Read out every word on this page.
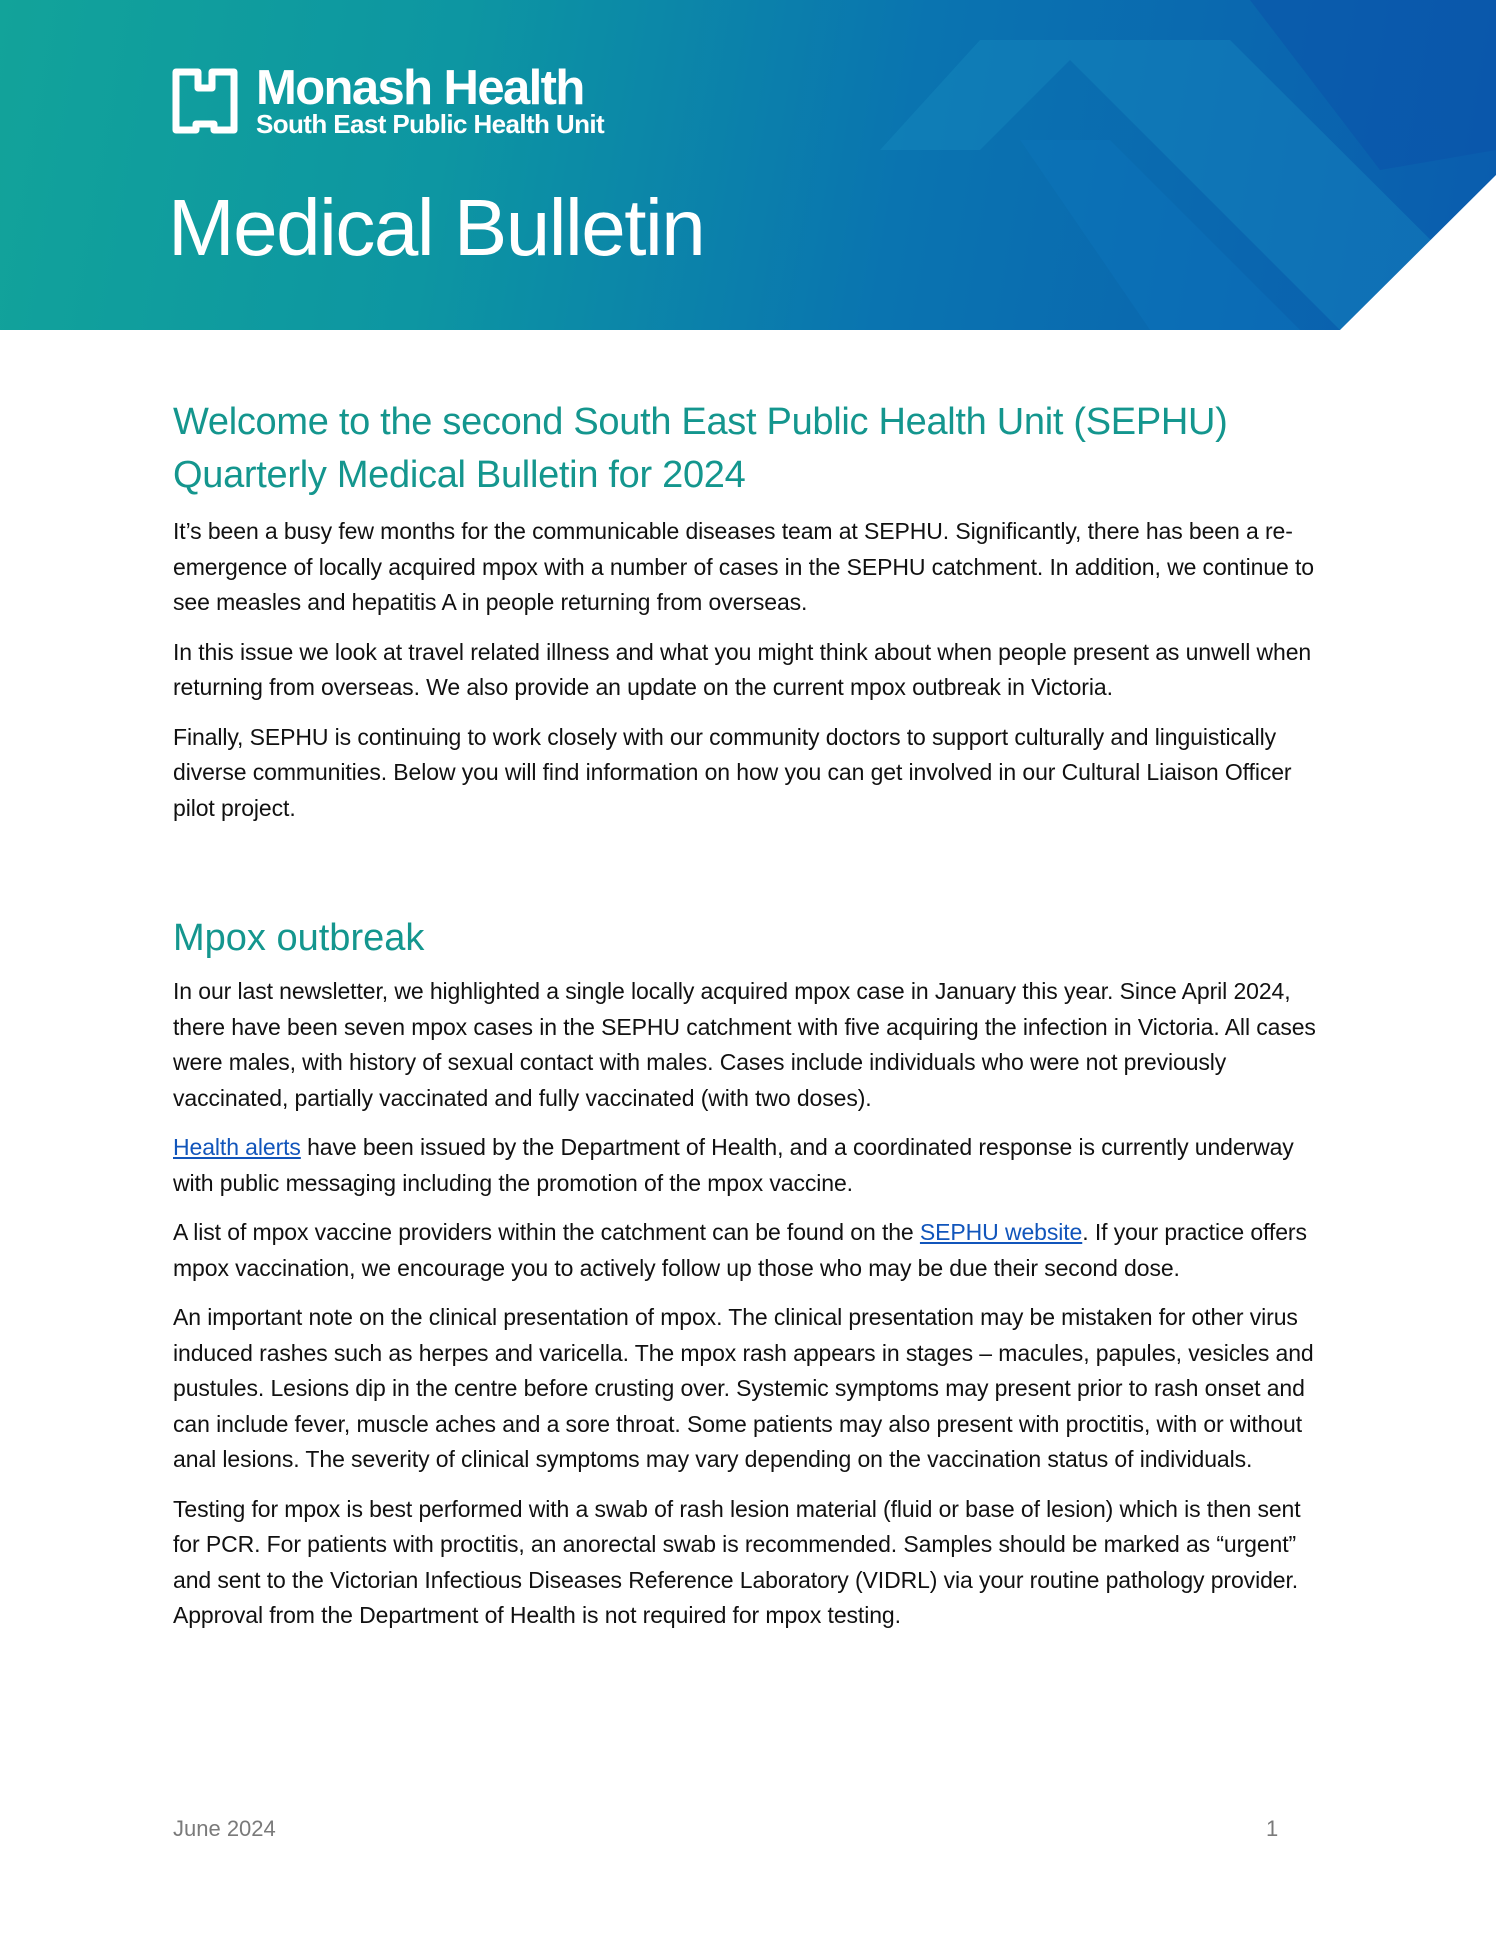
Monash Health
South East Public Health Unit
Medical Bulletin
Welcome to the second South East Public Health Unit (SEPHU) Quarterly Medical Bulletin for 2024

It’s been a busy few months for the communicable diseases team at SEPHU. Significantly, there has been a re-emergence of locally acquired mpox with a number of cases in the SEPHU catchment. In addition, we continue to see measles and hepatitis A in people returning from overseas.

In this issue we look at travel related illness and what you might think about when people present as unwell when returning from overseas. We also provide an update on the current mpox outbreak in Victoria.

Finally, SEPHU is continuing to work closely with our community doctors to support culturally and linguistically diverse communities. Below you will find information on how you can get involved in our Cultural Liaison Officer pilot project.

Mpox outbreak

In our last newsletter, we highlighted a single locally acquired mpox case in January this year. Since April 2024, there have been seven mpox cases in the SEPHU catchment with five acquiring the infection in Victoria. All cases were males, with history of sexual contact with males. Cases include individuals who were not previously vaccinated, partially vaccinated and fully vaccinated (with two doses).

Health alerts have been issued by the Department of Health, and a coordinated response is currently underway with public messaging including the promotion of the mpox vaccine.

A list of mpox vaccine providers within the catchment can be found on the SEPHU website. If your practice offers mpox vaccination, we encourage you to actively follow up those who may be due their second dose.

An important note on the clinical presentation of mpox. The clinical presentation may be mistaken for other virus induced rashes such as herpes and varicella. The mpox rash appears in stages – macules, papules, vesicles and pustules. Lesions dip in the centre before crusting over. Systemic symptoms may present prior to rash onset and can include fever, muscle aches and a sore throat. Some patients may also present with proctitis, with or without anal lesions. The severity of clinical symptoms may vary depending on the vaccination status of individuals.

Testing for mpox is best performed with a swab of rash lesion material (fluid or base of lesion) which is then sent for PCR. For patients with proctitis, an anorectal swab is recommended. Samples should be marked as “urgent” and sent to the Victorian Infectious Diseases Reference Laboratory (VIDRL) via your routine pathology provider. Approval from the Department of Health is not required for mpox testing.

June 2024	1
